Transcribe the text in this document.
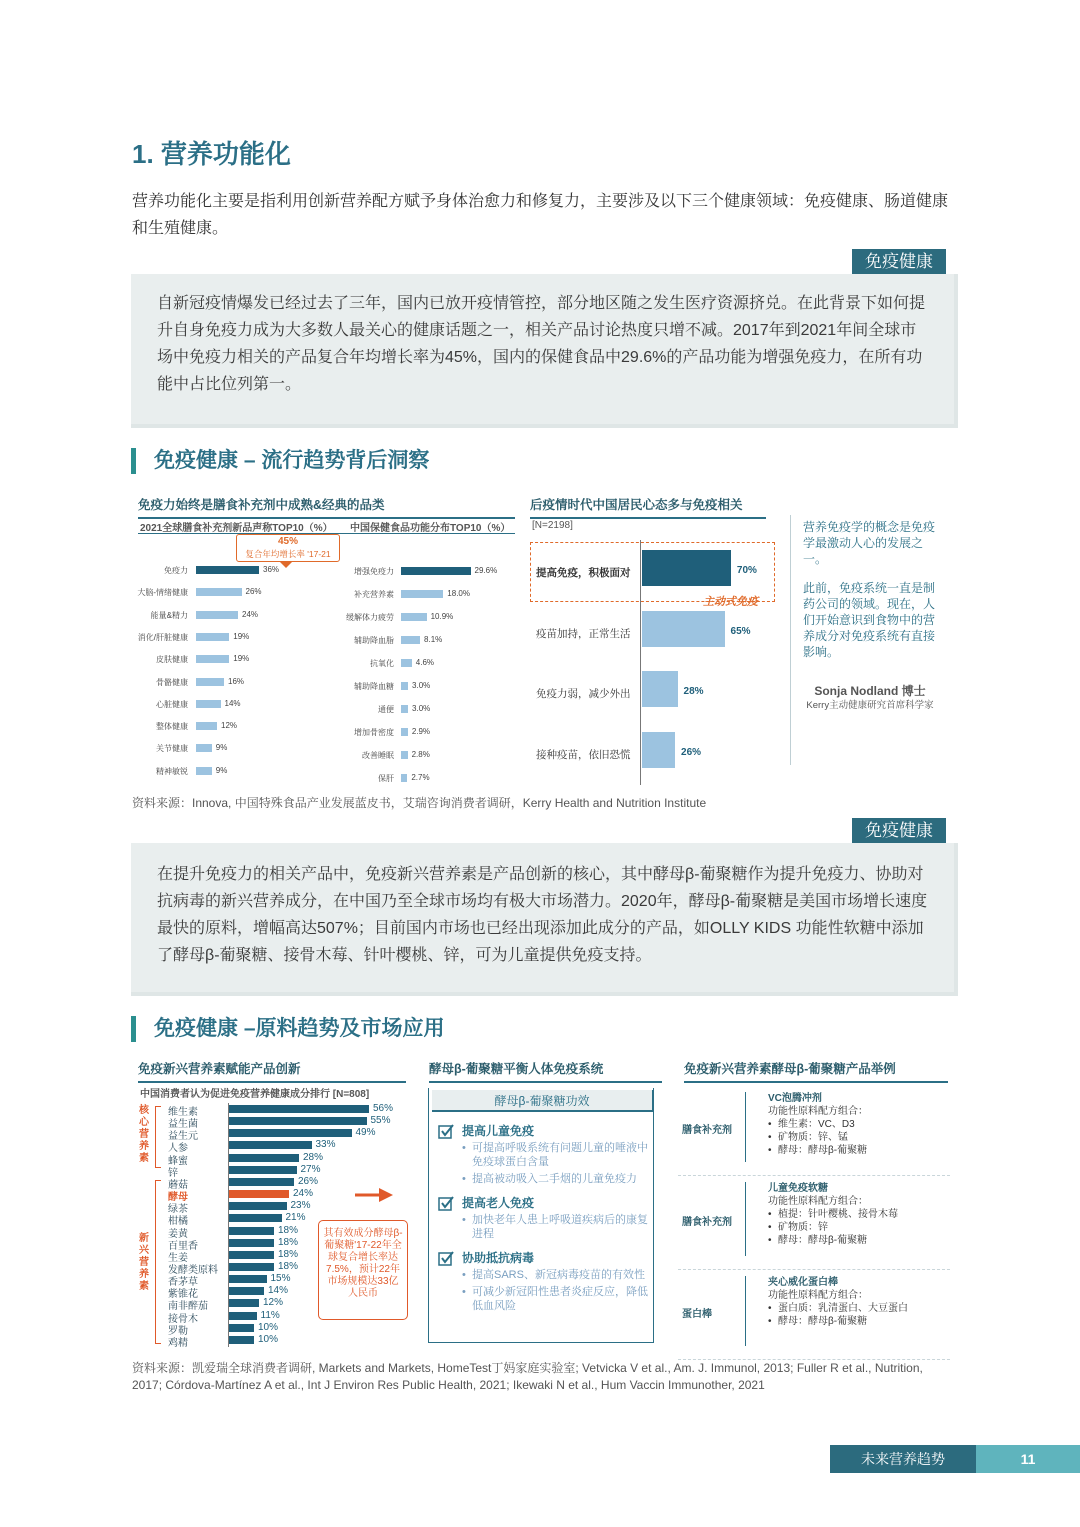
1. 营养功能化
营养功能化主要是指利用创新营养配方赋予身体治愈力和修复力，主要涉及以下三个健康领域：免疫健康、肠道健康和生殖健康。
免疫健康

自新冠疫情爆发已经过去了三年，国内已放开疫情管控，部分地区随之发生医疗资源挤兑。在此背景下如何提升自身免疫力成为大多数人最关心的健康话题之一，相关产品讨论热度只增不减。2017年到2021年间全球市场中免疫力相关的产品复合年均增长率为45%，国内的保健食品中29.6%的产品功能为增强免疫力，在所有功能中占比位列第一。

免疫健康 – 流行趋势背后洞察
免疫力始终是膳食补充剂中成熟&经典的品类
2021全球膳食补充剂新品声称TOP10（%） 中国保健食品功能分布TOP10（%）
45%
复合年均增长率 '17-21
免疫力	36%
大脑-情绪健康	26%
能量&精力	24%
消化/肝脏健康	19%
皮肤健康	19%
骨骼健康	16%
心脏健康	14%
整体健康	12%
关节健康	9%
精神敏锐	9%
增强免疫力	29.6%
补充营养素	18.0%
缓解体力疲劳	10.9%
辅助降血脂	8.1%
抗氧化	4.6%
辅助降血糖 3.0%
通便 3.0%
增加骨密度 2.9%
改善睡眠 2.8%
保肝 2.7%
后疫情时代中国居民心态多与免疫相关
[N=2198]
主动式免疫
提高免疫，积极面对	70%
疫苗加持，正常生活	65%
免疫力弱，减少外出	28%
接种疫苗，依旧恐慌	26%
营养免疫学的概念是免疫学最激动人心的发展之一。
此前，免疫系统一直是制药公司的领域。现在，人们开始意识到食物中的营养成分对免疫系统有直接影响。
Sonja Nodland 博士
Kerry主动健康研究首席科学家
资料来源：Innova, 中国特殊食品产业发展蓝皮书，艾瑞咨询消费者调研，Kerry Health and Nutrition Institute
免疫健康

在提升免疫力的相关产品中，免疫新兴营养素是产品创新的核心，其中酵母β-葡聚糖作为提升免疫力、协助对抗病毒的新兴营养成分，在中国乃至全球市场均有极大市场潜力。2020年，酵母β-葡聚糖是美国市场增长速度最快的原料，增幅高达507%；目前国内市场也已经出现添加此成分的产品，如OLLY KIDS 功能性软糖中添加了酵母β-葡聚糖、接骨木莓、针叶樱桃、锌，可为儿童提供免疫支持。

免疫健康 –原料趋势及市场应用
免疫新兴营养素赋能产品创新
中国消费者认为促进免疫营养健康成分排行 [N=808]
核心营养素
新兴营养素
维生素	56%
益生菌	55%
益生元	49%
人参	33%
蜂蜜	28%
锌	27%
蘑菇	26%
酵母	24%
绿茶	23%
柑橘	21%
姜黄	18%
百里香	18%
生姜	18%
发酵类原料	18%
香茅草	15%
紫锥花	14%
南非醉茄	12%
接骨木	11%
罗勒	10%
鸡精	10%
其有效成分酵母β-葡聚糖'17-22年全球复合增长率达7.5%，预计22年市场规模达33亿人民币
酵母β-葡聚糖平衡人体免疫系统
酵母β-葡聚糖功效
提高儿童免疫
• 可提高呼吸系统有问题儿童的唾液中免疫球蛋白含量
• 提高被动吸入二手烟的儿童免疫力
提高老人免疫
• 加快老年人患上呼吸道疾病后的康复进程
协助抵抗病毒
• 提高SARS、新冠病毒疫苗的有效性
• 可减少新冠阳性患者炎症反应，降低低血风险
免疫新兴营养素酵母β-葡聚糖产品举例
膳食补充剂
VC泡腾冲剂
功能性原料配方组合：
• 维生素：VC、D3
• 矿物质：锌、锰
• 酵母：酵母β-葡聚糖
膳食补充剂
儿童免疫软糖
功能性原料配方组合：
• 植提：针叶樱桃、接骨木莓
• 矿物质：锌
• 酵母：酵母β-葡聚糖
蛋白棒
夹心威化蛋白棒
功能性原料配方组合：
• 蛋白质：乳清蛋白、大豆蛋白
• 酵母：酵母β-葡聚糖
资料来源：凯爱瑞全球消费者调研, Markets and Markets, HomeTest丁妈家庭实验室; Vetvicka V et al., Am. J. Immunol, 2013; Fuller R et al., Nutrition, 2017; Córdova-Martínez A et al., Int J Environ Res Public Health, 2021; Ikewaki N et al., Hum Vaccin Immunother, 2021
未来营养趋势	11
